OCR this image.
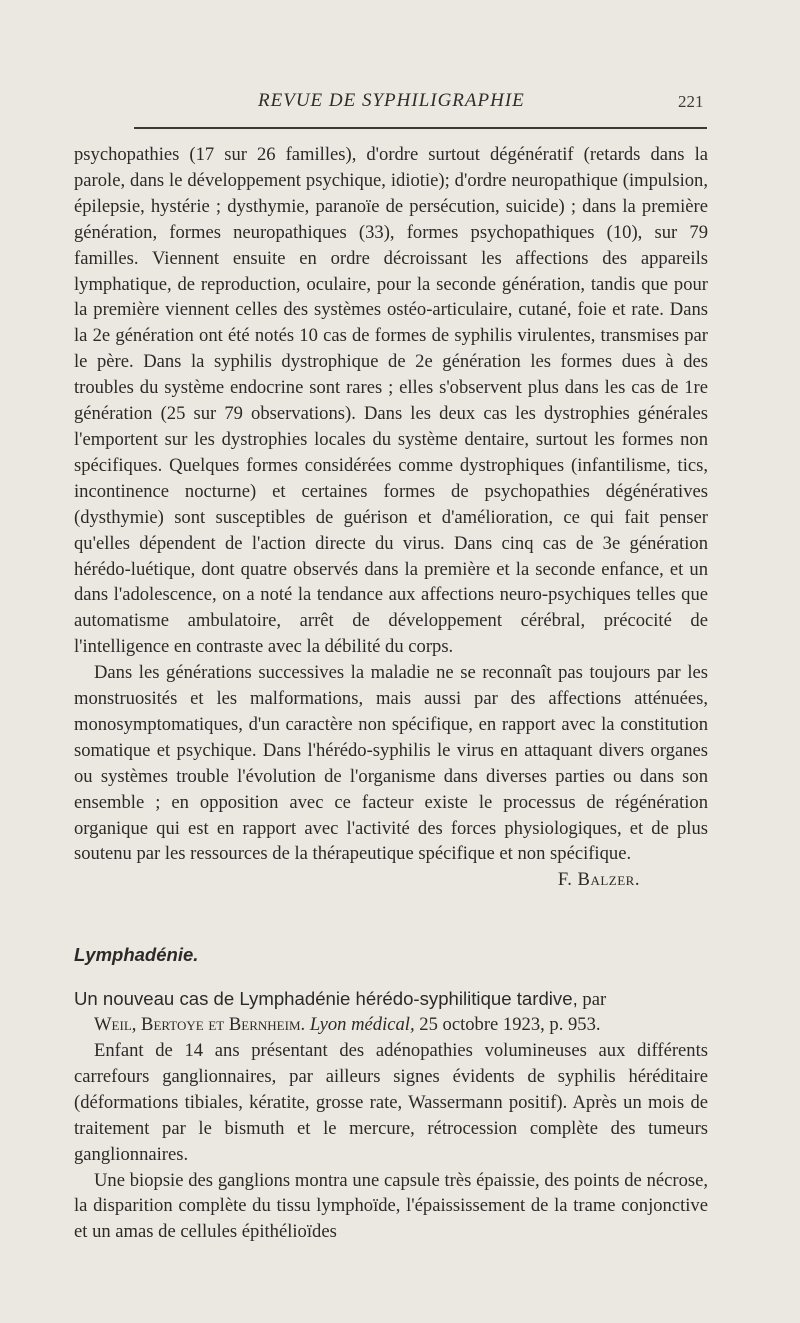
REVUE DE SYPHILIGRAPHIE	221

psychopathies (17 sur 26 familles), d'ordre surtout dégénératif (retards dans la parole, dans le développement psychique, idiotie); d'ordre neuropathique (impulsion, épilepsie, hystérie ; dysthymie, paranoïe de persécution, suicide) ; dans la première génération, formes neuropathiques (33), formes psychopathiques (10), sur 79 familles. Viennent ensuite en ordre décroissant les affections des appareils lymphatique, de reproduction, oculaire, pour la seconde génération, tandis que pour la première viennent celles des systèmes ostéo-articulaire, cutané, foie et rate. Dans la 2e génération ont été notés 10 cas de formes de syphilis virulentes, transmises par le père. Dans la syphilis dystrophique de 2e génération les formes dues à des troubles du système endocrine sont rares ; elles s'observent plus dans les cas de 1re génération (25 sur 79 observations). Dans les deux cas les dystrophies générales l'emportent sur les dystrophies locales du système dentaire, surtout les formes non spécifiques. Quelques formes considérées comme dystrophiques (infantilisme, tics, incontinence nocturne) et certaines formes de psychopathies dégénératives (dysthymie) sont susceptibles de guérison et d'amélioration, ce qui fait penser qu'elles dépendent de l'action directe du virus. Dans cinq cas de 3e génération hérédo-luétique, dont quatre observés dans la première et la seconde enfance, et un dans l'adolescence, on a noté la tendance aux affections neuro-psychiques telles que automatisme ambulatoire, arrêt de développement cérébral, précocité de l'intelligence en contraste avec la débilité du corps.

Dans les générations successives la maladie ne se reconnaît pas toujours par les monstruosités et les malformations, mais aussi par des affections atténuées, monosymptomatiques, d'un caractère non spécifique, en rapport avec la constitution somatique et psychique. Dans l'hérédo-syphilis le virus en attaquant divers organes ou systèmes trouble l'évolution de l'organisme dans diverses parties ou dans son ensemble ; en opposition avec ce facteur existe le processus de régénération organique qui est en rapport avec l'activité des forces physiologiques, et de plus soutenu par les ressources de la thérapeutique spécifique et non spécifique.
F. Balzer.

Lymphadénie.
Un nouveau cas de Lymphadénie hérédo-syphilitique tardive, par
Weil, Bertoye et Bernheim. Lyon médical, 25 octobre 1923, p. 953.

Enfant de 14 ans présentant des adénopathies volumineuses aux différents carrefours ganglionnaires, par ailleurs signes évidents de syphilis héréditaire (déformations tibiales, kératite, grosse rate, Wassermann positif). Après un mois de traitement par le bismuth et le mercure, rétrocession complète des tumeurs ganglionnaires.

Une biopsie des ganglions montra une capsule très épaissie, des points de nécrose, la disparition complète du tissu lymphoïde, l'épaississement de la trame conjonctive et un amas de cellules épithélioïdes
